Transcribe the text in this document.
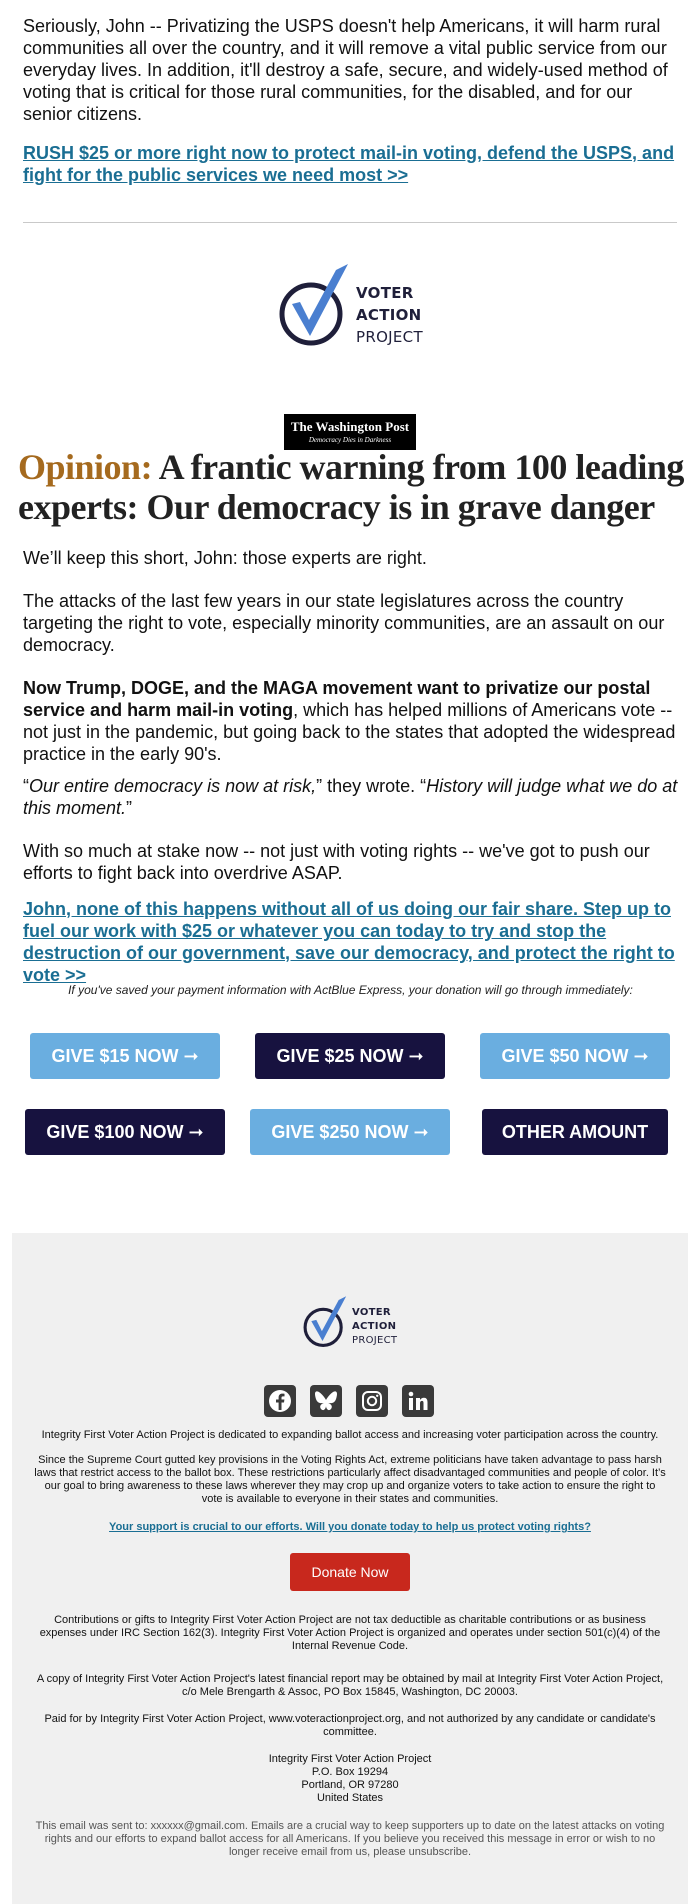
Seriously, John -- Privatizing the USPS doesn't help Americans, it will harm rural communities all over the country, and it will remove a vital public service from our everyday lives. In addition, it'll destroy a safe, secure, and widely-used method of voting that is critical for those rural communities, for the disabled, and for our senior citizens.

RUSH $25 or more right now to protect mail-in voting, defend the USPS, and fight for the public services we need most >>
VOTER
ACTION
PROJECT
The Washington Post
Democracy Dies in Darkness
Opinion: A frantic warning from 100 leading experts: Our democracy is in grave danger

We’ll keep this short, John: those experts are right.

The attacks of the last few years in our state legislatures across the country targeting the right to vote, especially minority communities, are an assault on our democracy.

Now Trump, DOGE, and the MAGA movement want to privatize our postal service and harm mail-in voting, which has helped millions of Americans vote -- not just in the pandemic, but going back to the states that adopted the widespread practice in the early 90's.

“Our entire democracy is now at risk,” they wrote. “History will judge what we do at this moment.”

With so much at stake now -- not just with voting rights -- we've got to push our efforts to fight back into overdrive ASAP.

John, none of this happens without all of us doing our fair share. Step up to fuel our work with $25 or whatever you can today to try and stop the destruction of our government, save our democracy, and protect the right to vote >>

If you've saved your payment information with ActBlue Express, your donation will go through immediately:

GIVE $15 NOW ➞	GIVE $25 NOW ➞	GIVE $50 NOW ➞
GIVE $100 NOW ➞	GIVE $250 NOW ➞	OTHER AMOUNT
VOTER
ACTION
PROJECT

Integrity First Voter Action Project is dedicated to expanding ballot access and increasing voter participation across the country.

Since the Supreme Court gutted key provisions in the Voting Rights Act, extreme politicians have taken advantage to pass harsh laws that restrict access to the ballot box. These restrictions particularly affect disadvantaged communities and people of color. It’s our goal to bring awareness to these laws wherever they may crop up and organize voters to take action to ensure the right to vote is available to everyone in their states and communities.

Your support is crucial to our efforts. Will you donate today to help us protect voting rights?
Donate Now

Contributions or gifts to Integrity First Voter Action Project are not tax deductible as charitable contributions or as business expenses under IRC Section 162(3). Integrity First Voter Action Project is organized and operates under section 501(c)(4) of the Internal Revenue Code.

A copy of Integrity First Voter Action Project's latest financial report may be obtained by mail at Integrity First Voter Action Project, c/o Mele Brengarth & Assoc, PO Box 15845, Washington, DC 20003.

Paid for by Integrity First Voter Action Project, www.voteractionproject.org, and not authorized by any candidate or candidate's committee.

Integrity First Voter Action Project
P.O. Box 19294
Portland, OR 97280
United States

This email was sent to: xxxxxx@gmail.com. Emails are a crucial way to keep supporters up to date on the latest attacks on voting rights and our efforts to expand ballot access for all Americans. If you believe you received this message in error or wish to no longer receive email from us, please unsubscribe.
